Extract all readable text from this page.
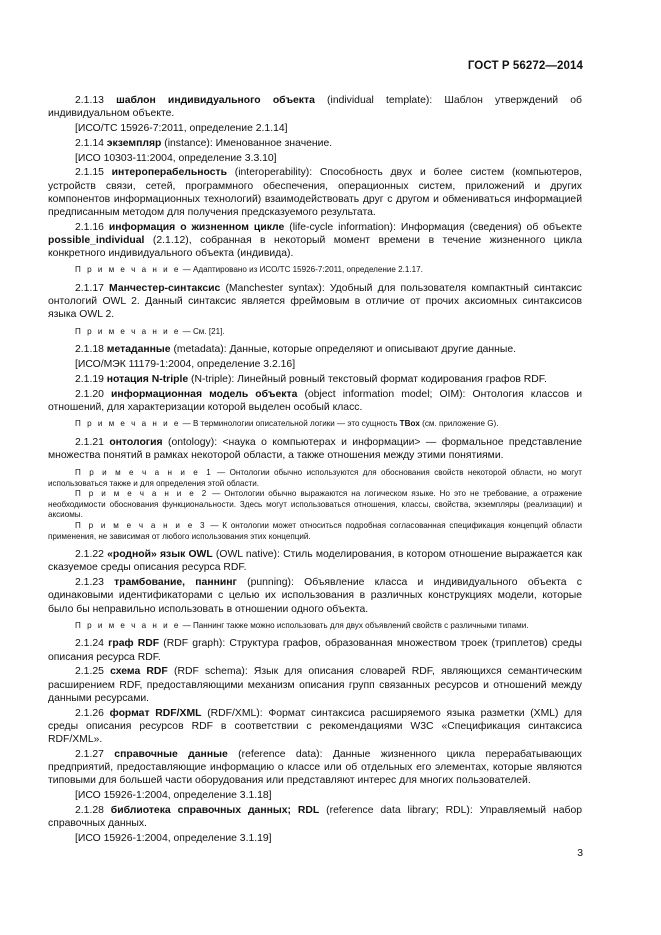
ГОСТ Р 56272—2014
2.1.13 шаблон индивидуального объекта (individual template): Шаблон утверждений об индивидуальном объекте.
[ИСО/ТС 15926-7:2011, определение 2.1.14]
2.1.14 экземпляр (instance): Именованное значение.
[ИСО 10303-11:2004, определение 3.3.10]
2.1.15 интероперабельность (interoperability): Способность двух и более систем (компьютеров, устройств связи, сетей, программного обеспечения, операционных систем, приложений и других компонентов информационных технологий) взаимодействовать друг с другом и обмениваться информацией предписанным методом для получения предсказуемого результата.
2.1.16 информация о жизненном цикле (life-cycle information): Информация (сведения) об объекте possible_individual (2.1.12), собранная в некоторый момент времени в течение жизненного цикла конкретного индивидуального объекта (индивида).
П р и м е ч а н и е — Адаптировано из ИСО/ТС 15926-7:2011, определение 2.1.17.
2.1.17 Манчестер-синтаксис (Manchester syntax): Удобный для пользователя компактный синтаксис онтологий OWL 2. Данный синтаксис является фреймовым в отличие от прочих аксиомных синтаксисов языка OWL 2.
П р и м е ч а н и е — См. [21].
2.1.18 метаданные (metadata): Данные, которые определяют и описывают другие данные.
[ИСО/МЭК 11179-1:2004, определение 3.2.16]
2.1.19 нотация N-triple (N-triple): Линейный ровный текстовый формат кодирования графов RDF.
2.1.20 информационная модель объекта (object information model; OIM): Онтология классов и отношений, для характеризации которой выделен особый класс.
П р и м е ч а н и е — В терминологии описательной логики — это сущность TBox (см. приложение G).
2.1.21 онтология (ontology): <наука о компьютерах и информации> — формальное представление множества понятий в рамках некоторой области, а также отношения между этими понятиями.
П р и м е ч а н и е 1 — Онтологии обычно используются для обоснования свойств некоторой области, но могут использоваться также и для определения этой области.
П р и м е ч а н и е 2 — Онтологии обычно выражаются на логическом языке. Но это не требование, а отражение необходимости обоснования функциональности. Здесь могут использоваться отношения, классы, свойства, экземпляры (реализации) и аксиомы.
П р и м е ч а н и е 3 — К онтологии может относиться подробная согласованная спецификация концепций области применения, не зависимая от любого использования этих концепций.
2.1.22 «родной» язык OWL (OWL native): Стиль моделирования, в котором отношение выражается как сказуемое среды описания ресурса RDF.
2.1.23 трамбование, паннинг (punning): Объявление класса и индивидуального объекта с одинаковыми идентификаторами с целью их использования в различных конструкциях модели, которые было бы неправильно использовать в отношении одного объекта.
П р и м е ч а н и е — Паннинг также можно использовать для двух объявлений свойств с различными типами.
2.1.24 граф RDF (RDF graph): Структура графов, образованная множеством троек (триплетов) среды описания ресурса RDF.
2.1.25 схема RDF (RDF schema): Язык для описания словарей RDF, являющихся семантическим расширением RDF, предоставляющими механизм описания групп связанных ресурсов и отношений между данными ресурсами.
2.1.26 формат RDF/XML (RDF/XML): Формат синтаксиса расширяемого языка разметки (XML) для среды описания ресурсов RDF в соответствии с рекомендациями W3C «Спецификация синтаксиса RDF/XML».
2.1.27 справочные данные (reference data): Данные жизненного цикла перерабатывающих предприятий, предоставляющие информацию о классе или об отдельных его элементах, которые являются типовыми для большей части оборудования или представляют интерес для многих пользователей.
[ИСО 15926-1:2004, определение 3.1.18]
2.1.28 библиотека справочных данных; RDL (reference data library; RDL): Управляемый набор справочных данных.
[ИСО 15926-1:2004, определение 3.1.19]
3
